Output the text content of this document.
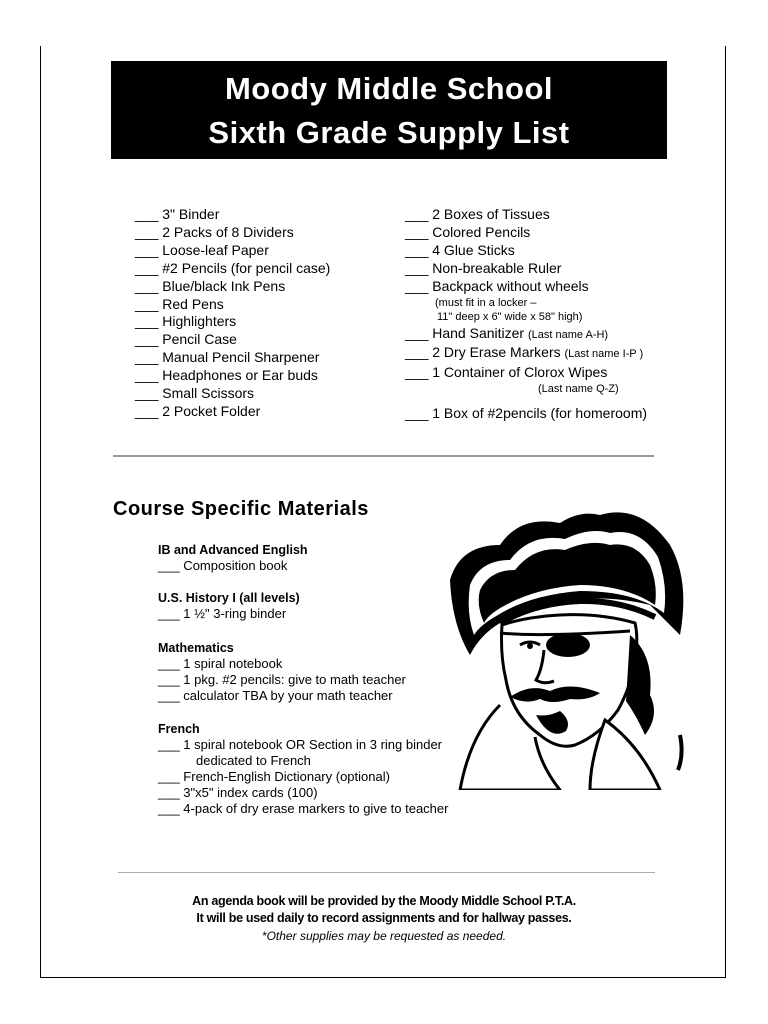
Moody Middle School
Sixth Grade Supply List
___ 3" Binder
___ 2 Packs of 8 Dividers
___ Loose-leaf Paper
___ #2 Pencils (for pencil case)
___ Blue/black Ink Pens
___ Red Pens
___ Highlighters
___ Pencil Case
___ Manual Pencil Sharpener
___ Headphones or Ear buds
___ Small Scissors
___ 2 Pocket Folder
___ 2 Boxes of Tissues
___ Colored Pencils
___ 4 Glue Sticks
___ Non-breakable Ruler
___ Backpack without wheels
(must fit in a locker –
11" deep x 6" wide x 58" high)
___ Hand Sanitizer (Last name A-H)
___ 2 Dry Erase Markers (Last name I-P )
___ 1 Container of Clorox Wipes
(Last name Q-Z)
___ 1 Box of #2pencils (for homeroom)
Course Specific Materials
IB and Advanced English
___ Composition book
U.S. History I (all levels)
___ 1 ½" 3-ring binder
Mathematics
___ 1 spiral notebook
___ 1 pkg. #2 pencils: give to math teacher
___ calculator TBA by your math teacher
French
___ 1 spiral notebook OR Section in 3 ring binder
dedicated to French
___ French-English Dictionary (optional)
___ 3"x5" index cards (100)
___ 4-pack of dry erase markers to give to teacher
An agenda book will be provided by the Moody Middle School P.T.A.
It will be used daily to record assignments and for hallway passes.
*Other supplies may be requested as needed.
